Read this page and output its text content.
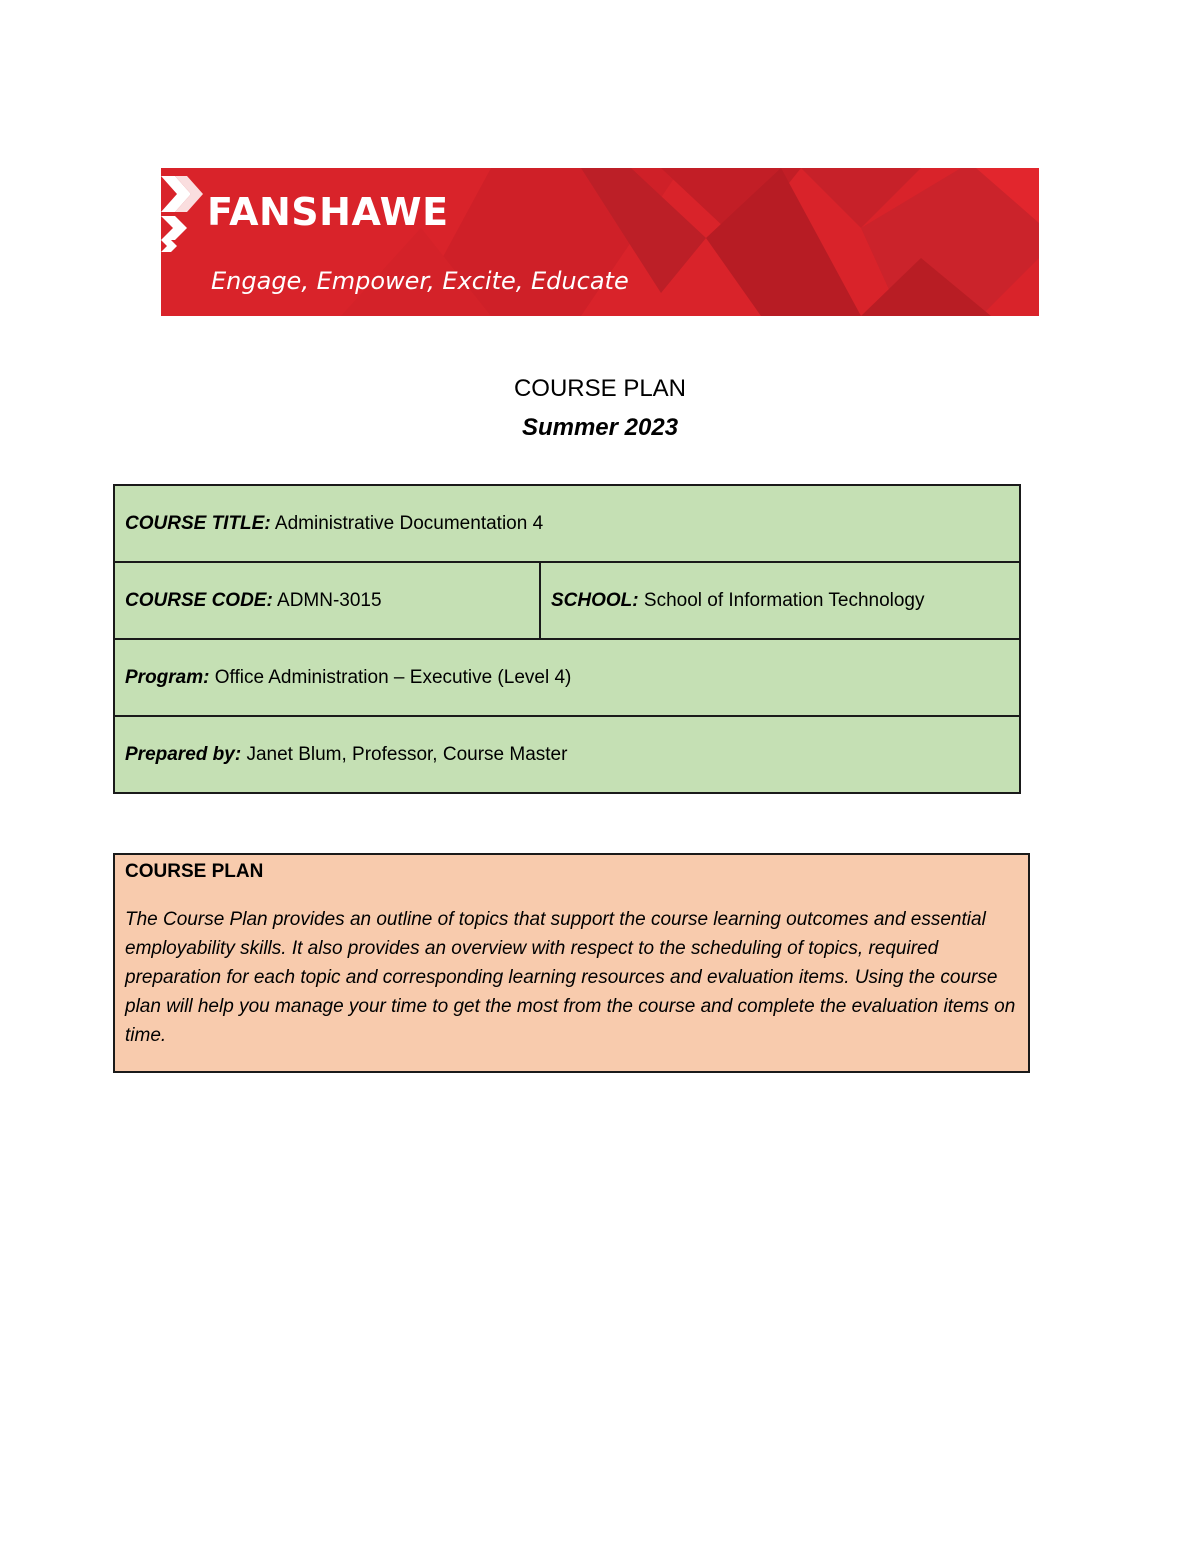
FANSHAWE
Engage, Empower, Excite, Educate
COURSE PLAN
Summer 2023
COURSE TITLE: Administrative Documentation 4
COURSE CODE: ADMN-3015	SCHOOL: School of Information Technology
Program: Office Administration – Executive (Level 4)
Prepared by: Janet Blum, Professor, Course Master
COURSE PLAN
The Course Plan provides an outline of topics that support the course learning outcomes and essential employability skills. It also provides an overview with respect to the scheduling of topics, required preparation for each topic and corresponding learning resources and evaluation items. Using the course plan will help you manage your time to get the most from the course and complete the evaluation items on time.
